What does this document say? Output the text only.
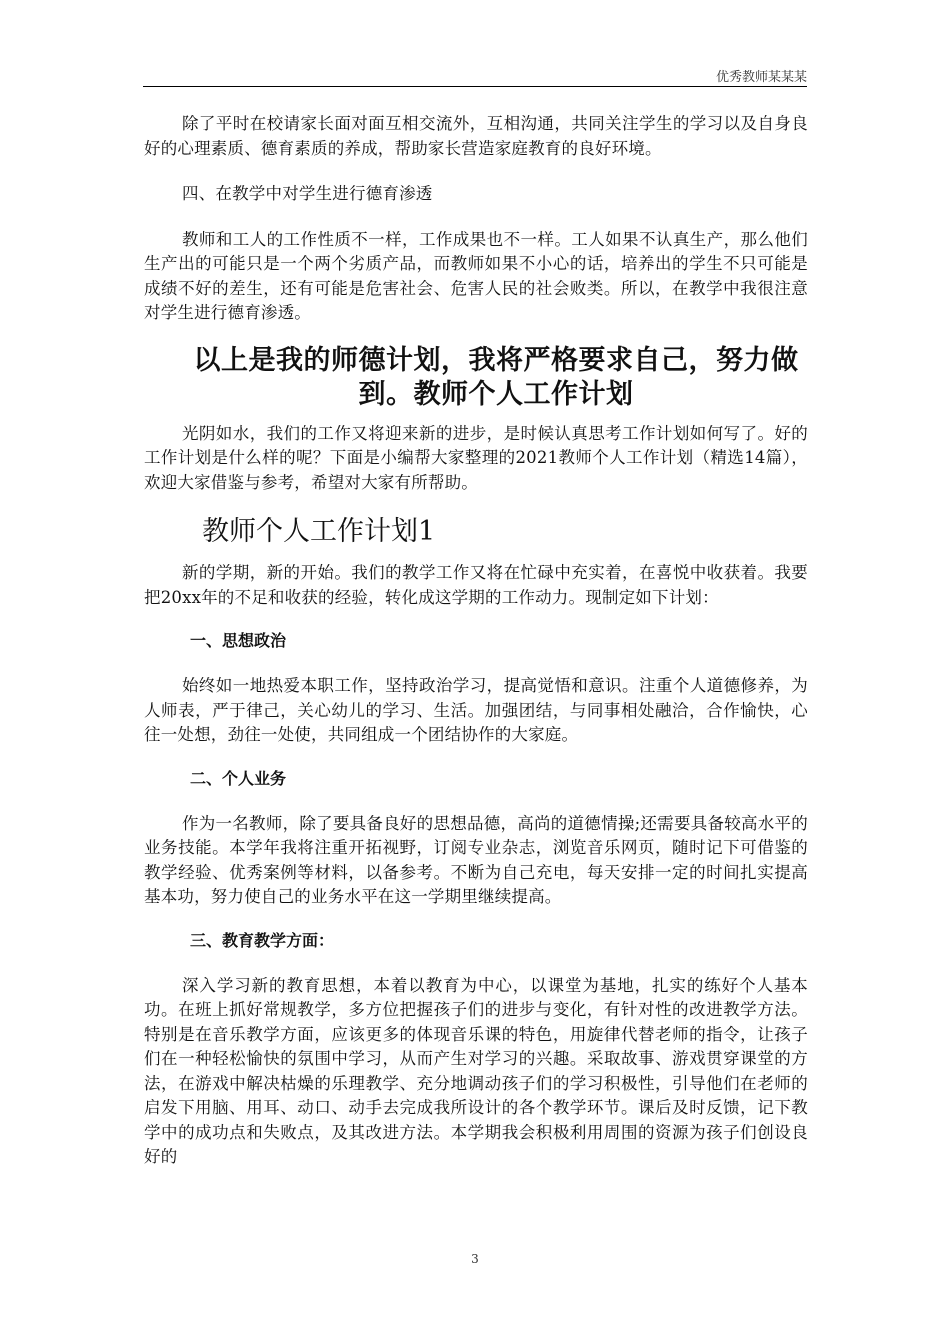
优秀教师某某某

除了平时在校请家长面对面互相交流外，互相沟通，共同关注学生的学习以及自身良好的心理素质、德育素质的养成，帮助家长营造家庭教育的良好环境。

四、在教学中对学生进行德育渗透

教师和工人的工作性质不一样，工作成果也不一样。工人如果不认真生产，那么他们生产出的可能只是一个两个劣质产品，而教师如果不小心的话，培养出的学生不只可能是成绩不好的差生，还有可能是危害社会、危害人民的社会败类。所以，在教学中我很注意对学生进行德育渗透。

以上是我的师德计划，我将严格要求自己，努力做到。教师个人工作计划

光阴如水，我们的工作又将迎来新的进步，是时候认真思考工作计划如何写了。好的工作计划是什么样的呢？下面是小编帮大家整理的2021教师个人工作计划（精选14篇），欢迎大家借鉴与参考，希望对大家有所帮助。

教师个人工作计划1

新的学期，新的开始。我们的教学工作又将在忙碌中充实着，在喜悦中收获着。我要把20xx年的不足和收获的经验，转化成这学期的工作动力。现制定如下计划：

一、思想政治

始终如一地热爱本职工作，坚持政治学习，提高觉悟和意识。注重个人道德修养，为人师表，严于律己，关心幼儿的学习、生活。加强团结，与同事相处融洽，合作愉快，心往一处想，劲往一处使，共同组成一个团结协作的大家庭。

二、个人业务

作为一名教师，除了要具备良好的思想品德，高尚的道德情操;还需要具备较高水平的业务技能。本学年我将注重开拓视野，订阅专业杂志，浏览音乐网页，随时记下可借鉴的教学经验、优秀案例等材料，以备参考。不断为自己充电，每天安排一定的时间扎实提高基本功，努力使自己的业务水平在这一学期里继续提高。

三、教育教学方面：

深入学习新的教育思想，本着以教育为中心，以课堂为基地，扎实的练好个人基本功。在班上抓好常规教学，多方位把握孩子们的进步与变化，有针对性的改进教学方法。特别是在音乐教学方面，应该更多的体现音乐课的特色，用旋律代替老师的指令，让孩子们在一种轻松愉快的氛围中学习，从而产生对学习的兴趣。采取故事、游戏贯穿课堂的方法，在游戏中解决枯燥的乐理教学、充分地调动孩子们的学习积极性，引导他们在老师的启发下用脑、用耳、动口、动手去完成我所设计的各个教学环节。课后及时反馈，记下教学中的成功点和失败点，及其改进方法。本学期我会积极利用周围的资源为孩子们创设良好的

3
